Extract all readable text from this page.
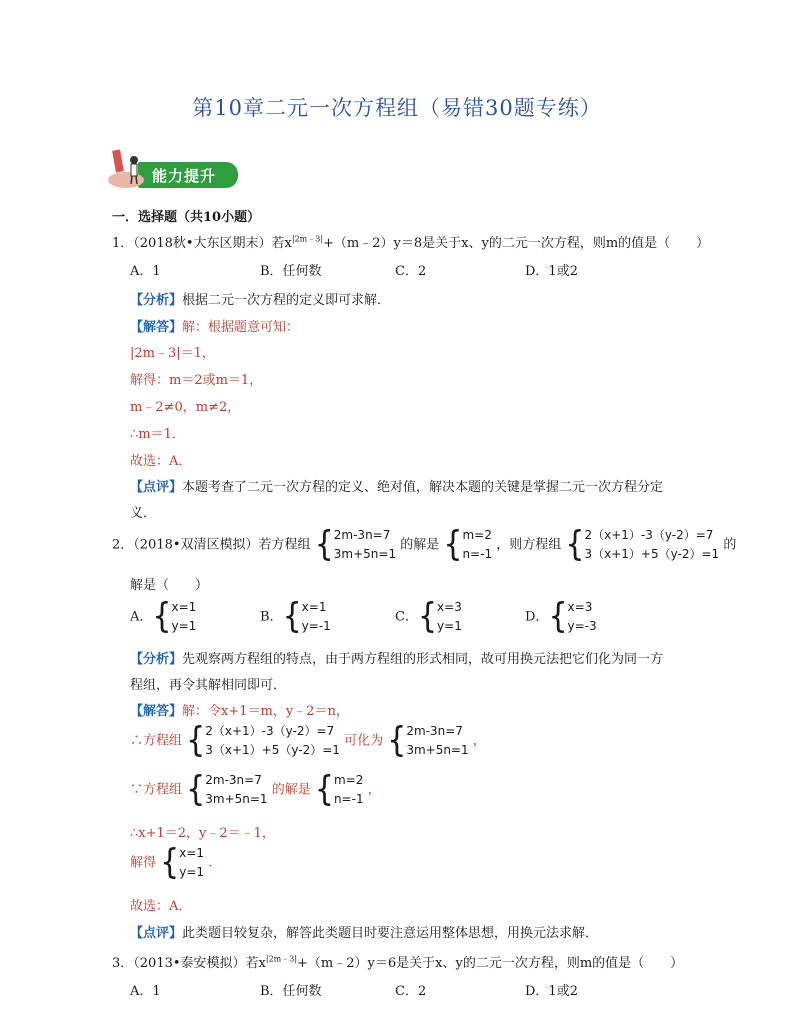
第10章二元一次方程组（易错30题专练）
能力提升
一．选择题（共10小题）
1．（2018秋•大东区期末）若$x^{|2m﹣3|}+(m﹣2)y=8$是关于x、y的二元一次方程，则m的值是（　　）
A．1	B．任何数	C．2	D．1或2
【分析】根据二元一次方程的定义即可求解．
【解答】解：根据题意可知：
|2m﹣3|＝1，
解得：m＝2或m＝1，
m﹣2≠0，m≠2，
∴m＝1．
故选：A．
【点评】本题考查了二元一次方程的定义、绝对值，解决本题的关键是掌握二元一次方程分定
义．
2．（2018•双清区模拟）若方程组 { 2m-3n=7
3m+5n=1
的解是 { m=2
n=-1
，则方程组 { 2（x+1）-3（y-2）=7
3（x+1）+5（y-2）=1
的
解是（　　）
A． { x=1
y=1
B． { x=1
y=-1
C． { x=3
y=1
D． { x=3
y=-3
【分析】先观察两方程组的特点，由于两方程组的形式相同，故可用换元法把它们化为同一方
程组，再令其解相同即可．
【解答】解：令x+1＝m，y﹣2＝n，
∴方程组 { 2（x+1）-3（y-2）=7
3（x+1）+5（y-2）=1
可化为 { 2m-3n=7
3m+5n=1
，
∵方程组 { 2m-3n=7
3m+5n=1
的解是 { m=2
n=-1
，
∴x+1＝2，y﹣2＝﹣1，
解得 { x=1
y=1
.
故选：A．
【点评】此类题目较复杂，解答此类题目时要注意运用整体思想，用换元法求解．
3．（2013•泰安模拟）若$x^{|2m﹣3|}+(m﹣2)y=6$是关于x、y的二元一次方程，则m的值是（　　）
A．1	B．任何数	C．2	D．1或2
